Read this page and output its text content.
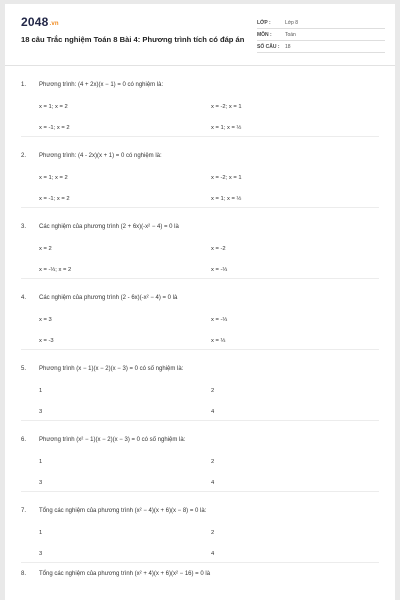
2048.vn
18 câu Trắc nghiệm Toán 8 Bài 4: Phương trình tích có đáp án
LỚP :	Lớp 8
MÔN :	Toán
SỐ CÂU :	18
1. Phương trình: (4 + 2x)(x − 1) = 0 có nghiệm là:
x = 1; x = 2	x = -2; x = 1
x = -1; x = 2	x = 1; x = ½
2. Phương trình: (4 - 2x)(x + 1) = 0 có nghiệm là:
x = 1; x = 2	x = -2; x = 1
x = -1; x = 2	x = 1; x = ½
3. Các nghiệm của phương trình (2 + 6x)(-x² − 4) = 0 là
x = 2	x = -2
x = -⅓; x = 2	x = -⅓
4. Các nghiệm của phương trình (2 - 6x)(-x² − 4) = 0 là
x = 3	x = -⅓
x = -3	x = ⅓
5. Phương trình (x − 1)(x − 2)(x − 3) = 0 có số nghiệm là:
1	2
3	4
6. Phương trình (x² − 1)(x − 2)(x − 3) = 0 có số nghiệm là:
1	2
3	4
7. Tổng các nghiệm của phương trình (x² − 4)(x + 6)(x − 8) = 0 là:
1	2
3	4
8. Tổng các nghiệm của phương trình (x² + 4)(x + 6)(x² − 16) = 0 là
